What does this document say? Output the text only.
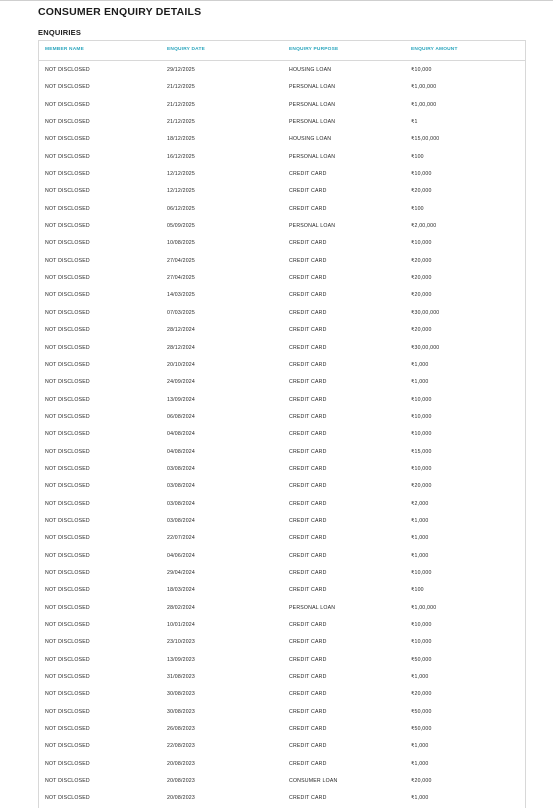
CONSUMER ENQUIRY DETAILS
ENQUIRIES
MEMBER NAME	ENQUIRY DATE	ENQUIRY PURPOSE	ENQUIRY AMOUNT
NOT DISCLOSED	29/12/2025	HOUSING LOAN	₹10,000
NOT DISCLOSED	21/12/2025	PERSONAL LOAN	₹1,00,000
NOT DISCLOSED	21/12/2025	PERSONAL LOAN	₹1,00,000
NOT DISCLOSED	21/12/2025	PERSONAL LOAN	₹1
NOT DISCLOSED	18/12/2025	HOUSING LOAN	₹15,00,000
NOT DISCLOSED	16/12/2025	PERSONAL LOAN	₹100
NOT DISCLOSED	12/12/2025	CREDIT CARD	₹10,000
NOT DISCLOSED	12/12/2025	CREDIT CARD	₹20,000
NOT DISCLOSED	06/12/2025	CREDIT CARD	₹100
NOT DISCLOSED	05/09/2025	PERSONAL LOAN	₹2,00,000
NOT DISCLOSED	10/08/2025	CREDIT CARD	₹10,000
NOT DISCLOSED	27/04/2025	CREDIT CARD	₹20,000
NOT DISCLOSED	27/04/2025	CREDIT CARD	₹20,000
NOT DISCLOSED	14/03/2025	CREDIT CARD	₹20,000
NOT DISCLOSED	07/03/2025	CREDIT CARD	₹30,00,000
NOT DISCLOSED	28/12/2024	CREDIT CARD	₹20,000
NOT DISCLOSED	28/12/2024	CREDIT CARD	₹30,00,000
NOT DISCLOSED	20/10/2024	CREDIT CARD	₹1,000
NOT DISCLOSED	24/09/2024	CREDIT CARD	₹1,000
NOT DISCLOSED	13/09/2024	CREDIT CARD	₹10,000
NOT DISCLOSED	06/08/2024	CREDIT CARD	₹10,000
NOT DISCLOSED	04/08/2024	CREDIT CARD	₹10,000
NOT DISCLOSED	04/08/2024	CREDIT CARD	₹15,000
NOT DISCLOSED	03/08/2024	CREDIT CARD	₹10,000
NOT DISCLOSED	03/08/2024	CREDIT CARD	₹20,000
NOT DISCLOSED	03/08/2024	CREDIT CARD	₹2,000
NOT DISCLOSED	03/08/2024	CREDIT CARD	₹1,000
NOT DISCLOSED	22/07/2024	CREDIT CARD	₹1,000
NOT DISCLOSED	04/06/2024	CREDIT CARD	₹1,000
NOT DISCLOSED	29/04/2024	CREDIT CARD	₹10,000
NOT DISCLOSED	18/03/2024	CREDIT CARD	₹100
NOT DISCLOSED	28/02/2024	PERSONAL LOAN	₹1,00,000
NOT DISCLOSED	10/01/2024	CREDIT CARD	₹10,000
NOT DISCLOSED	23/10/2023	CREDIT CARD	₹10,000
NOT DISCLOSED	13/09/2023	CREDIT CARD	₹50,000
NOT DISCLOSED	31/08/2023	CREDIT CARD	₹1,000
NOT DISCLOSED	30/08/2023	CREDIT CARD	₹20,000
NOT DISCLOSED	30/08/2023	CREDIT CARD	₹50,000
NOT DISCLOSED	26/08/2023	CREDIT CARD	₹50,000
NOT DISCLOSED	22/08/2023	CREDIT CARD	₹1,000
NOT DISCLOSED	20/08/2023	CREDIT CARD	₹1,000
NOT DISCLOSED	20/08/2023	CONSUMER LOAN	₹20,000
NOT DISCLOSED	20/08/2023	CREDIT CARD	₹1,000
